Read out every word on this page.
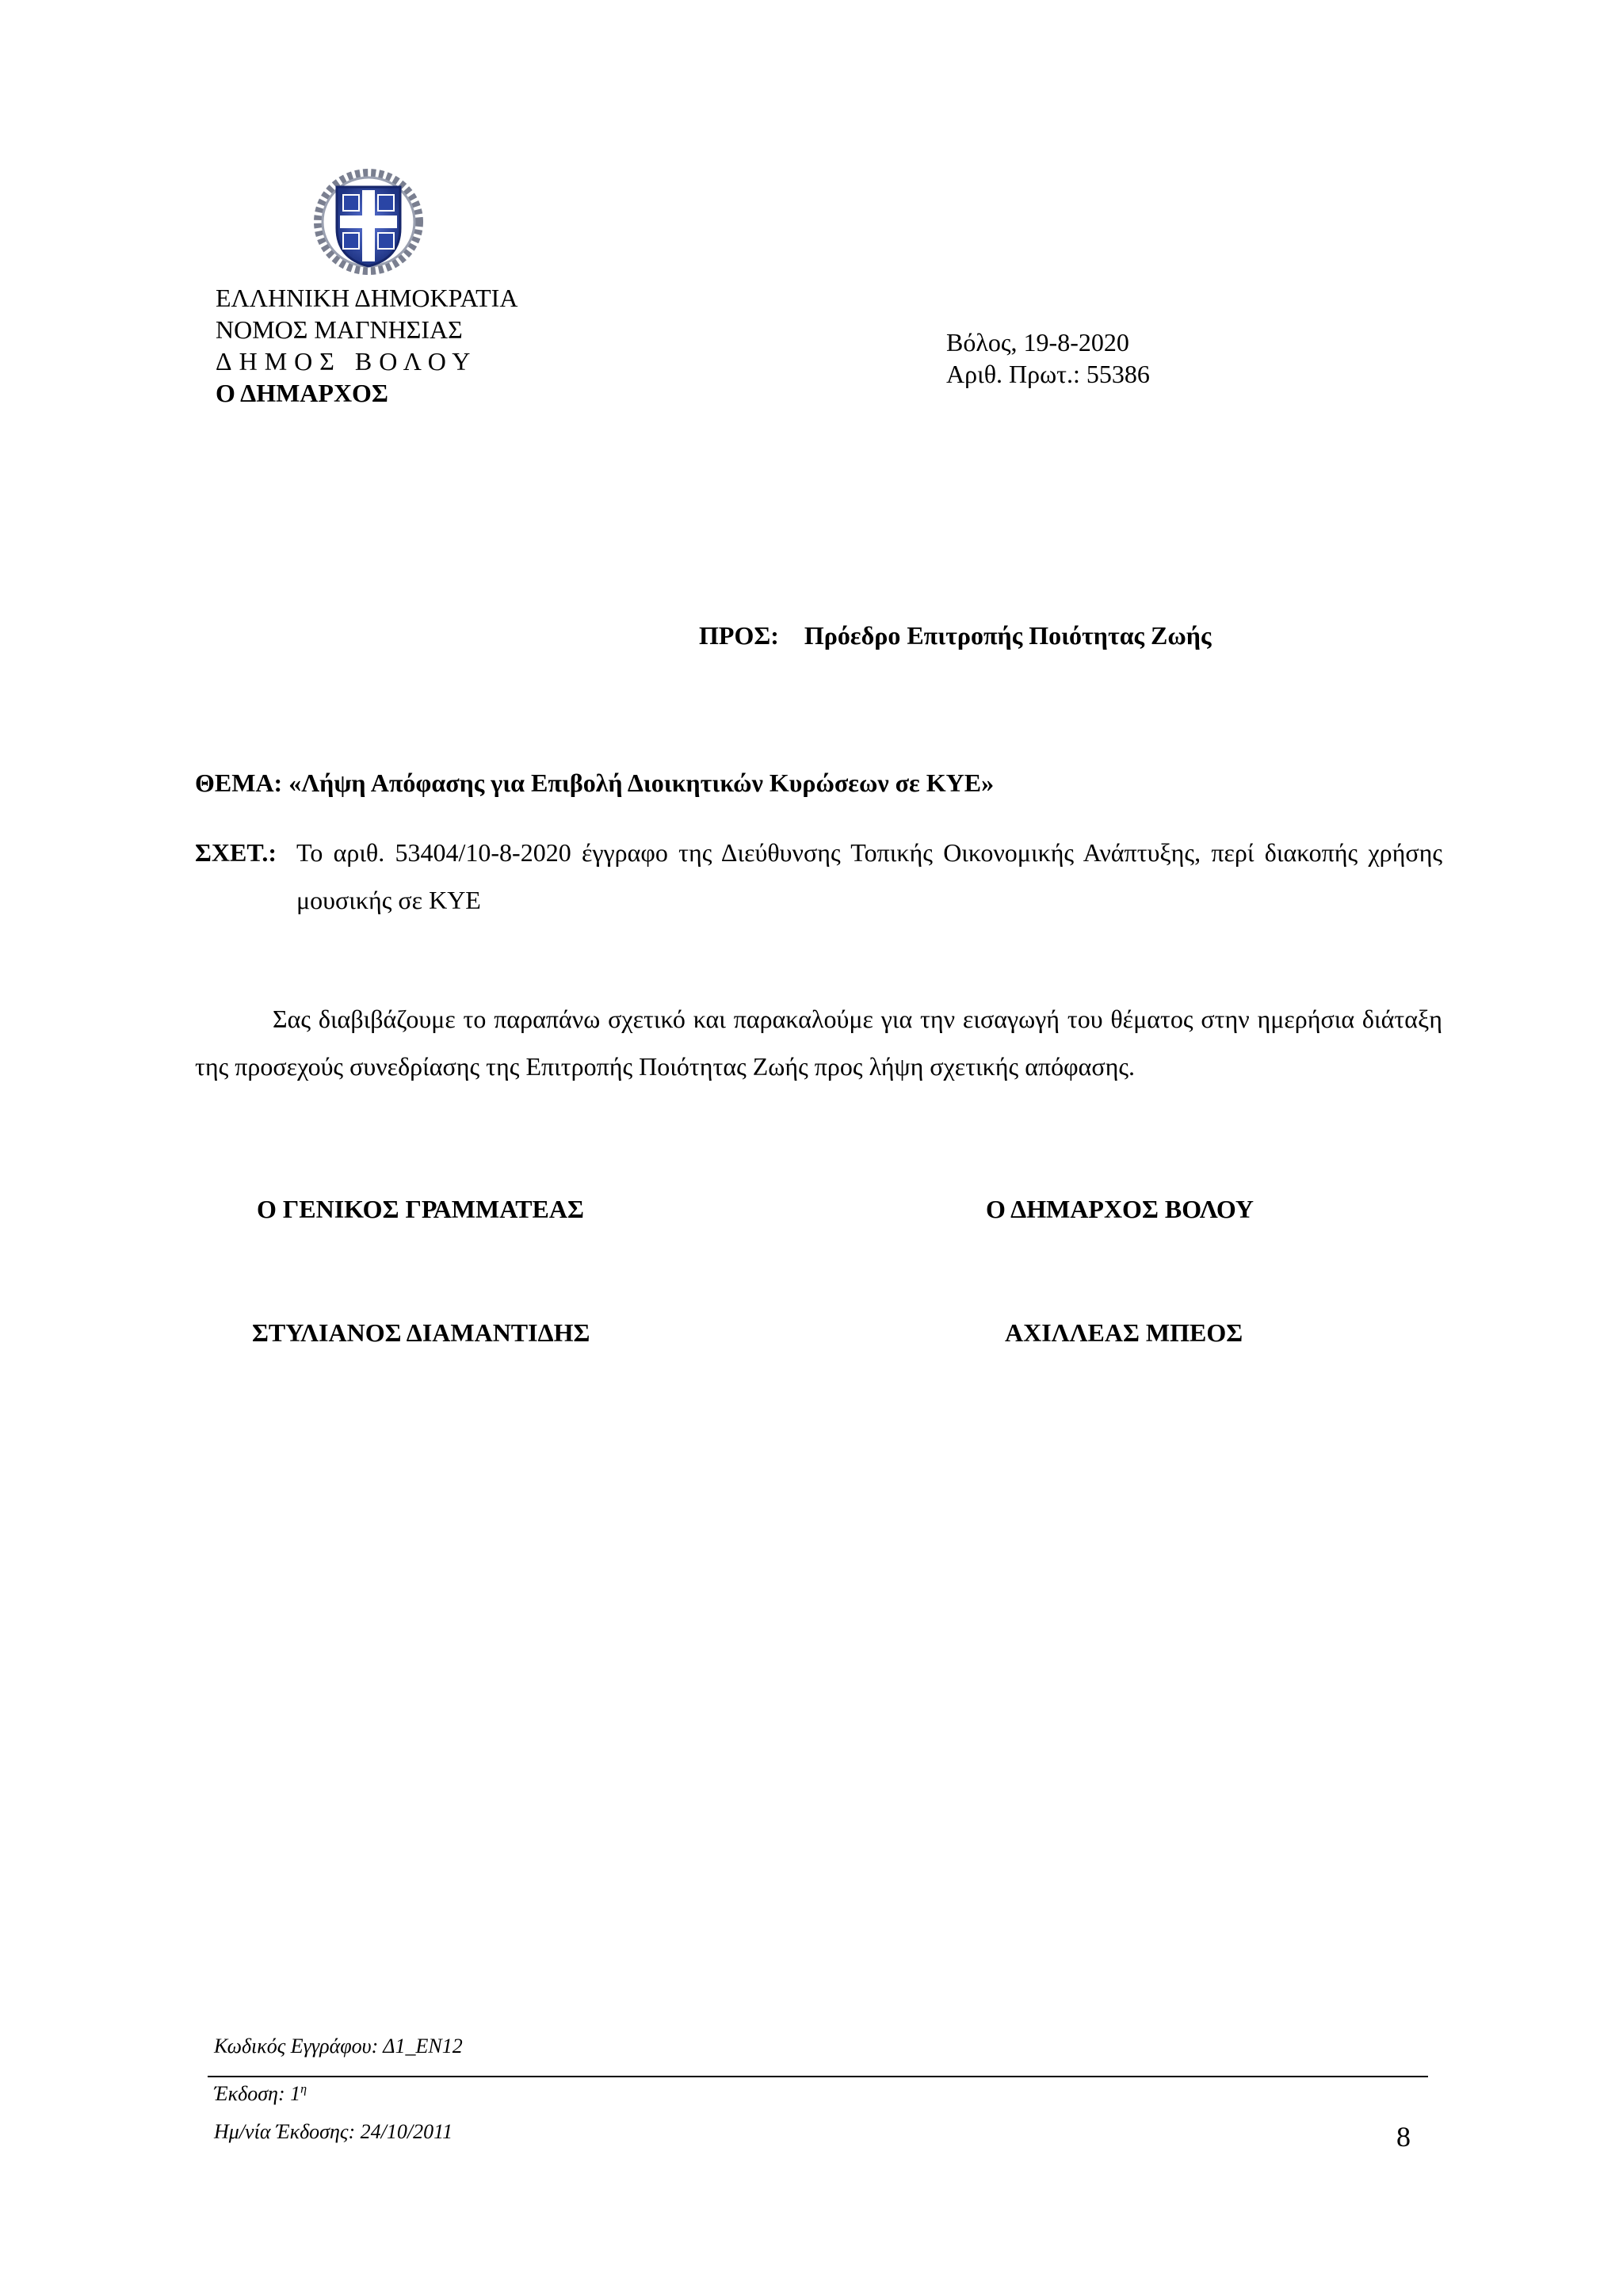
ΕΛΛΗΝΙΚΗ ΔΗΜΟΚΡΑΤΙΑ
ΝΟΜΟΣ ΜΑΓΝΗΣΙΑΣ
ΔΗΜΟΣ ΒΟΛΟΥ
Ο ΔΗΜΑΡΧΟΣ
Βόλος, 19-8-2020
Αριθ. Πρωτ.: 55386
ΠΡΟΣ: Πρόεδρο Επιτροπής Ποιότητας Ζωής
ΘΕΜΑ: «Λήψη Απόφασης για Επιβολή Διοικητικών Κυρώσεων σε ΚΥΕ»
ΣΧΕΤ.: Το αριθ. 53404/10-8-2020 έγγραφο της Διεύθυνσης Τοπικής Οικονομικής Ανάπτυξης, περί διακοπής χρήσης μουσικής σε ΚΥΕ
Σας διαβιβάζουμε το παραπάνω σχετικό και παρακαλούμε για την εισαγωγή του θέματος στην ημερήσια διάταξη της προσεχούς συνεδρίασης της Επιτροπής Ποιότητας Ζωής προς λήψη σχετικής απόφασης.
Ο ΓΕΝΙΚΟΣ ΓΡΑΜΜΑΤΕΑΣ	Ο ΔΗΜΑΡΧΟΣ ΒΟΛΟΥ
ΣΤΥΛΙΑΝΟΣ ΔΙΑΜΑΝΤΙΔΗΣ	ΑΧΙΛΛΕΑΣ ΜΠΕΟΣ
Κωδικός Εγγράφου: Δ1_ΕΝ12
Έκδοση: $1^\eta$
Ημ/νία Έκδοσης: 24/10/2011	8
